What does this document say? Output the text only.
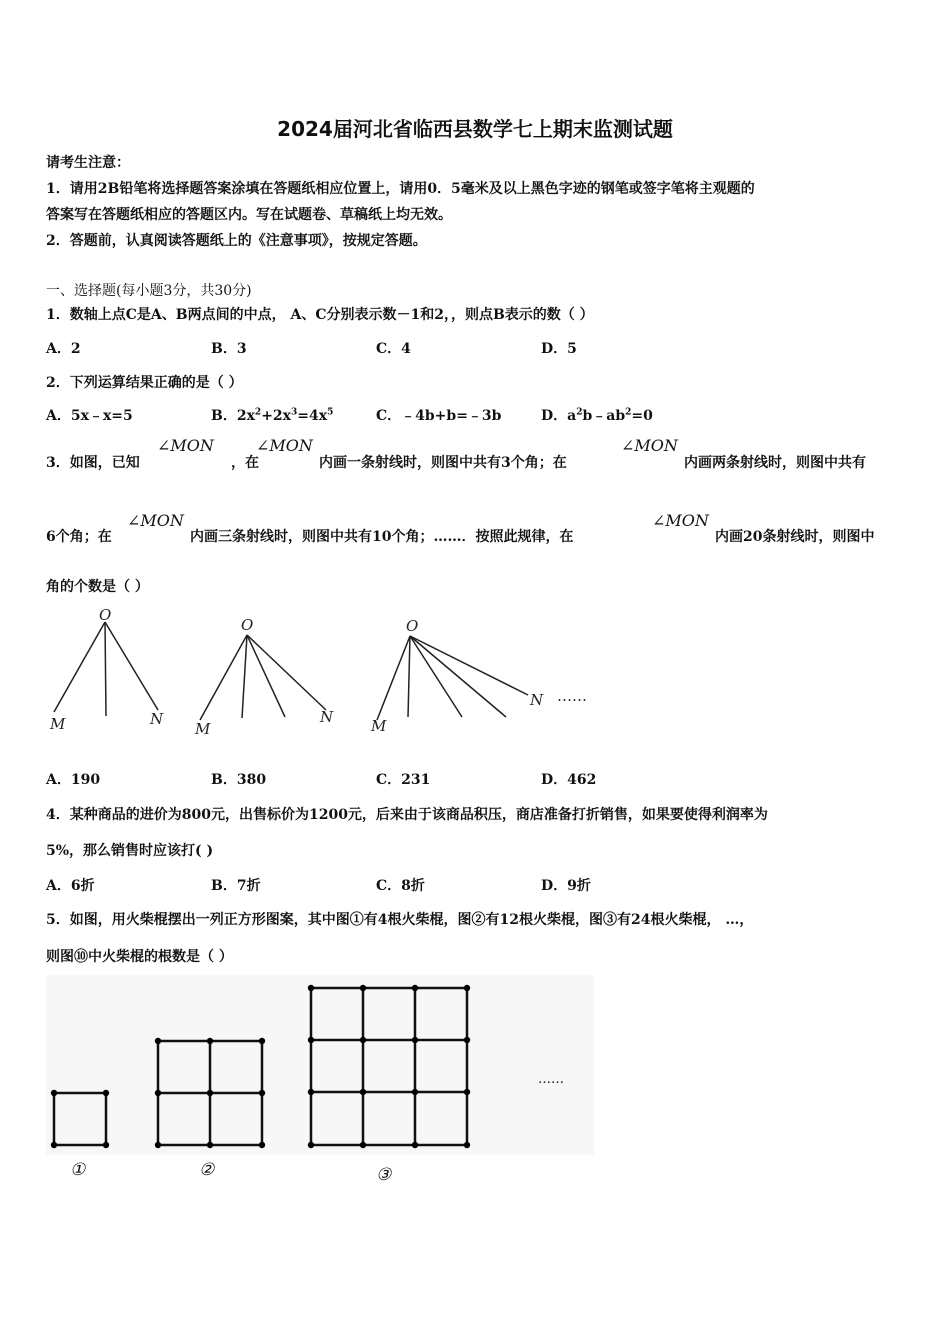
2024届河北省临西县数学七上期末监测试题
请考生注意：
1．请用2B铅笔将选择题答案涂填在答题纸相应位置上，请用0．5毫米及以上黑色字迹的钢笔或签字笔将主观题的
答案写在答题纸相应的答题区内。写在试题卷、草稿纸上均无效。
2．答题前，认真阅读答题纸上的《注意事项》，按规定答题。
一、选择题(每小题3分，共30分)
1．数轴上点C是A、B两点间的中点， A、C分别表示数－1和2，，则点B表示的数（ ）
A．2	B．3	C．4	D．5
2．下列运算结果正确的是（ ）
A．5x﹣x=5	B．$2x^2+2x^3=4x^5$	C．﹣4b+b=﹣3b	D．$a^2b﹣ab^2=0$
3．如图，已知
∠MON
，在
∠MON
内画一条射线时，则图中共有3个角；在
∠MON
内画两条射线时，则图中共有
6个角；在
∠MON
内画三条射线时，则图中共有10个角；……．按照此规律，在
∠MON
内画20条射线时，则图中
角的个数是（ ）
O
M	N
O
M
N
O
M
N ……
A．190	B．380	C．231	D．462
4．某种商品的进价为800元，出售标价为1200元，后来由于该商品积压，商店准备打折销售，如果要使得利润率为
5%，那么销售时应该打( )
A．6折	B．7折	C．8折	D．9折
5．如图，用火柴棍摆出一列正方形图案，其中图①有4根火柴棍，图②有12根火柴棍，图③有24根火柴棍， …，
则图⑩中火柴棍的根数是（ ）
①	②	③
……
